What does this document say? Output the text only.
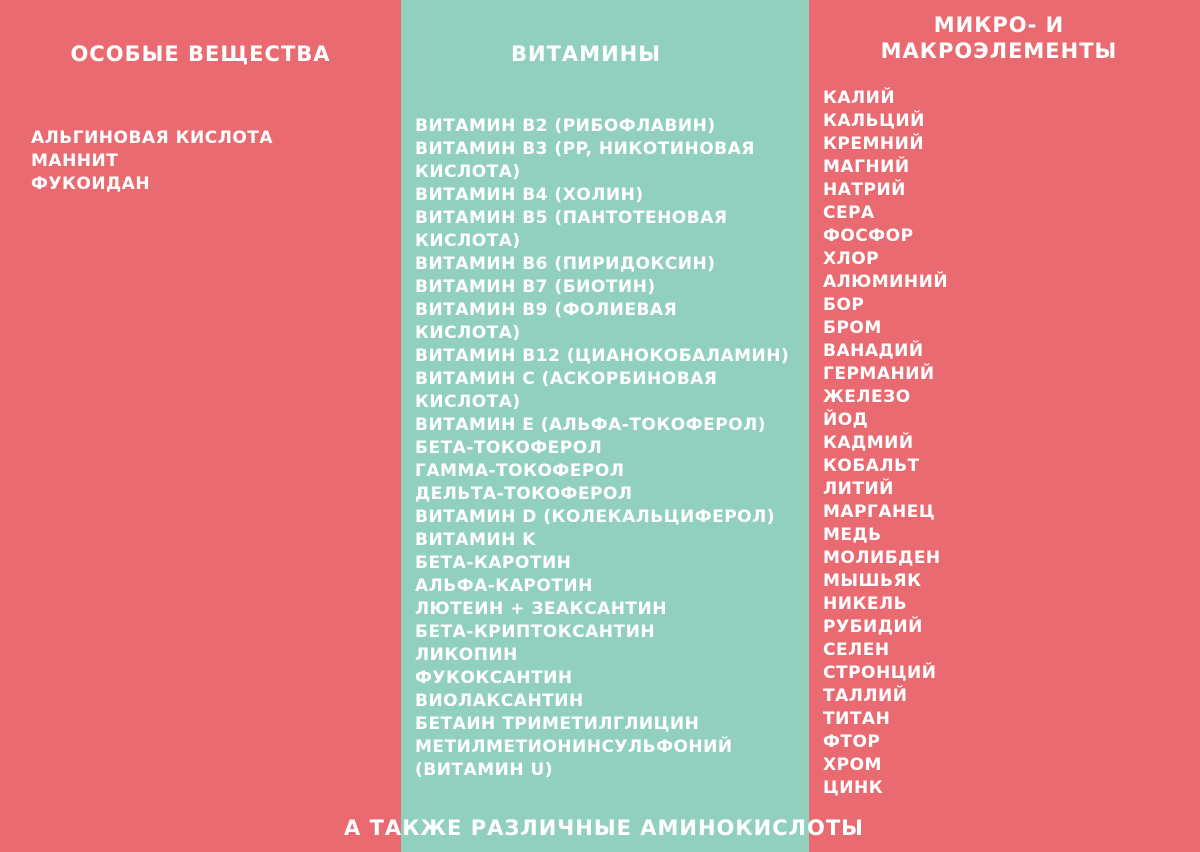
ОСОБЫЕ ВЕЩЕСТВА
АЛЬГИНОВАЯ КИСЛОТА
МАННИТ
ФУКОИДАН
ВИТАМИНЫ
ВИТАМИН B2 (РИБОФЛАВИН)
ВИТАМИН B3 (PP, НИКОТИНОВАЯ
КИСЛОТА)
ВИТАМИН B4 (ХОЛИН)
ВИТАМИН B5 (ПАНТОТЕНОВАЯ
КИСЛОТА)
ВИТАМИН B6 (ПИРИДОКСИН)
ВИТАМИН B7 (БИОТИН)
ВИТАМИН B9 (ФОЛИЕВАЯ
КИСЛОТА)
ВИТАМИН B12 (ЦИАНОКОБАЛАМИН)
ВИТАМИН C (АСКОРБИНОВАЯ
КИСЛОТА)
ВИТАМИН E (АЛЬФА-ТОКОФЕРОЛ)
БЕТА-ТОКОФЕРОЛ
ГАММА-ТОКОФЕРОЛ
ДЕЛЬТА-ТОКОФЕРОЛ
ВИТАМИН D (КОЛЕКАЛЬЦИФЕРОЛ)
ВИТАМИН K
БЕТА-КАРОТИН
АЛЬФА-КАРОТИН
ЛЮТЕИН + ЗЕАКСАНТИН
БЕТА-КРИПТОКСАНТИН
ЛИКОПИН
ФУКОКСАНТИН
ВИОЛАКСАНТИН
БЕТАИН ТРИМЕТИЛГЛИЦИН
МЕТИЛМЕТИОНИНСУЛЬФОНИЙ
(ВИТАМИН U)
МИКРО- И
МАКРОЭЛЕМЕНТЫ
КАЛИЙ
КАЛЬЦИЙ
КРЕМНИЙ
МАГНИЙ
НАТРИЙ
СЕРА
ФОСФОР
ХЛОР
АЛЮМИНИЙ
БОР
БРОМ
ВАНАДИЙ
ГЕРМАНИЙ
ЖЕЛЕЗО
ЙОД
КАДМИЙ
КОБАЛЬТ
ЛИТИЙ
МАРГАНЕЦ
МЕДЬ
МОЛИБДЕН
МЫШЬЯК
НИКЕЛЬ
РУБИДИЙ
СЕЛЕН
СТРОНЦИЙ
ТАЛЛИЙ
ТИТАН
ФТОР
ХРОМ
ЦИНК
А ТАКЖЕ РАЗЛИЧНЫЕ АМИНОКИСЛОТЫ
